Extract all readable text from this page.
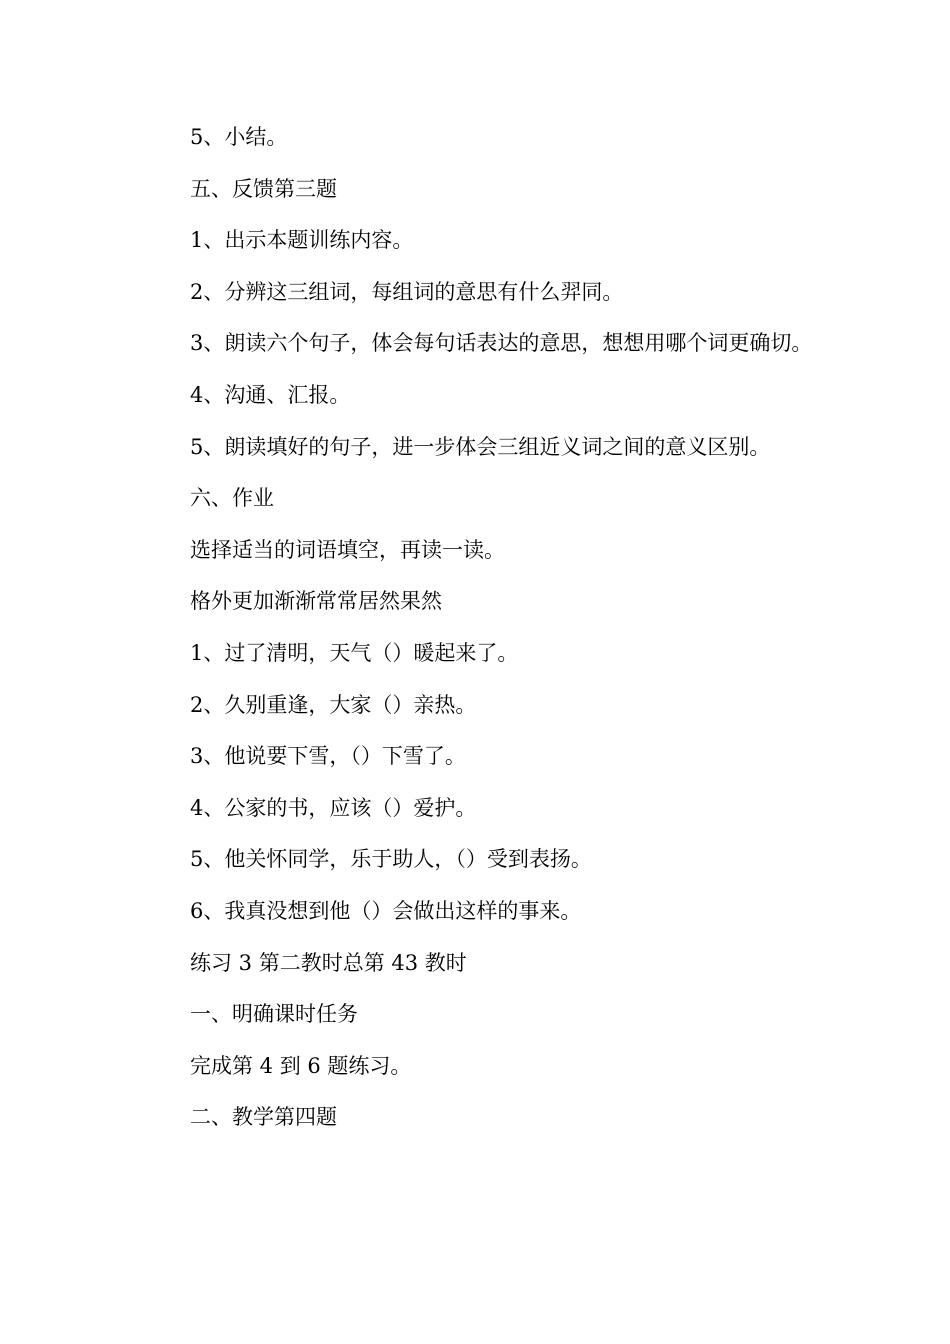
5、小结。

五、反馈第三题

1、出示本题训练内容。

2、分辨这三组词，每组词的意思有什么羿同。

3、朗读六个句子，体会每句话表达的意思，想想用哪个词更确切。

4、沟通、汇报。

5、朗读填好的句子，进一步体会三组近义词之间的意义区别。

六、作业

选择适当的词语填空，再读一读。

格外更加渐渐常常居然果然

1、过了清明，天气（）暖起来了。

2、久别重逢，大家（）亲热。

3、他说要下雪，（）下雪了。

4、公家的书，应该（）爱护。

5、他关怀同学，乐于助人，（）受到表扬。

6、我真没想到他（）会做出这样的事来。

练习 3 第二教时总第 43 教时

一、明确课时任务

完成第 4 到 6 题练习。

二、教学第四题
